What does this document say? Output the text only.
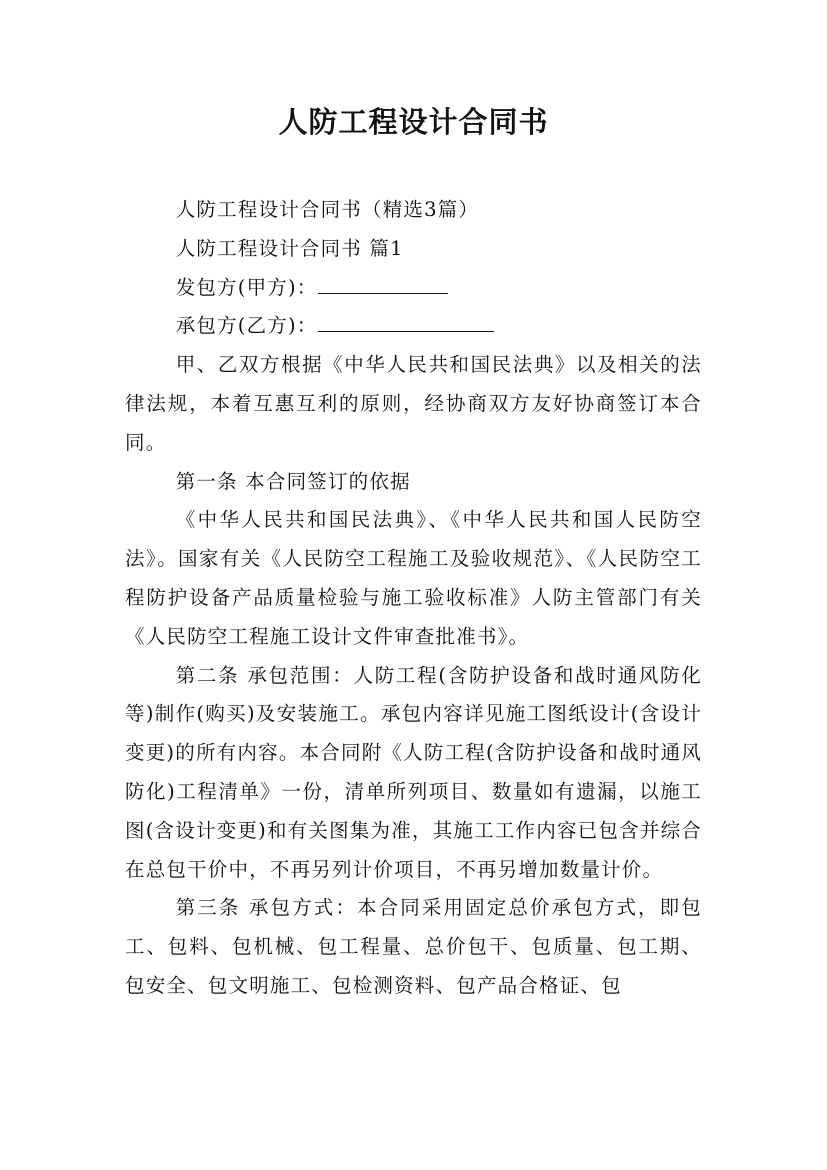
人防工程设计合同书

人防工程设计合同书（精选3篇）

人防工程设计合同书 篇1

发包方(甲方)：

承包方(乙方)：

甲、乙双方根据《中华人民共和国民法典》以及相关的法律法规，本着互惠互利的原则，经协商双方友好协商签订本合同。

第一条 本合同签订的依据

《中华人民共和国民法典》、《中华人民共和国人民防空法》。国家有关《人民防空工程施工及验收规范》、《人民防空工程防护设备产品质量检验与施工验收标准》人防主管部门有关《人民防空工程施工设计文件审查批准书》。

第二条 承包范围：人防工程(含防护设备和战时通风防化等)制作(购买)及安装施工。承包内容详见施工图纸设计(含设计变更)的所有内容。本合同附《人防工程(含防护设备和战时通风防化)工程清单》一份，清单所列项目、数量如有遗漏，以施工图(含设计变更)和有关图集为准，其施工工作内容已包含并综合在总包干价中，不再另列计价项目，不再另增加数量计价。

第三条 承包方式：本合同采用固定总价承包方式，即包工、包料、包机械、包工程量、总价包干、包质量、包工期、包安全、包文明施工、包检测资料、包产品合格证、包
